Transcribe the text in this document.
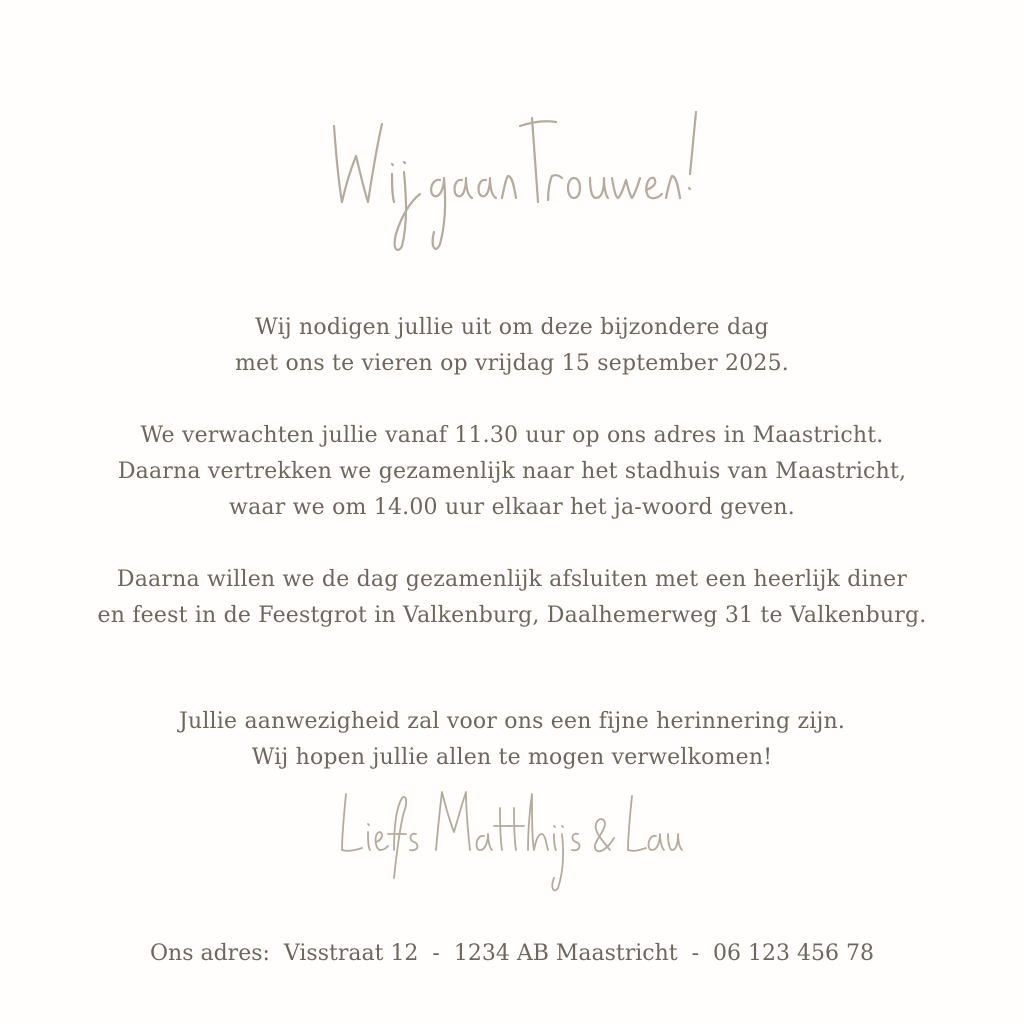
Wij nodigen jullie uit om deze bijzondere dag

met ons te vieren op vrijdag 15 september 2025.

We verwachten jullie vanaf 11.30 uur op ons adres in Maastricht.

Daarna vertrekken we gezamenlijk naar het stadhuis van Maastricht,

waar we om 14.00 uur elkaar het ja-woord geven.

Daarna willen we de dag gezamenlijk afsluiten met een heerlijk diner

en feest in de Feestgrot in Valkenburg, Daalhemerweg 31 te Valkenburg.

Jullie aanwezigheid zal voor ons een fijne herinnering zijn.

Wij hopen jullie allen te mogen verwelkomen!

Ons adres:  Visstraat 12  -  1234 AB Maastricht  -  06 123 456 78
